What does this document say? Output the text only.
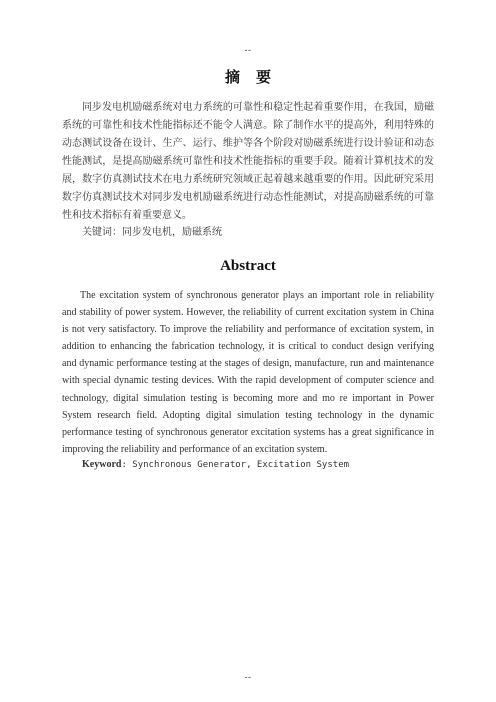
--
摘要

同步发电机励磁系统对电力系统的可靠性和稳定性起着重要作用，在我国，励磁系统的可靠性和技术性能指标还不能令人满意。除了制作水平的提高外，利用特殊的动态测试设备在设计、生产、运行、维护等各个阶段对励磁系统进行设计验证和动态性能测试，是提高励磁系统可靠性和技术性能指标的重要手段。随着计算机技术的发展，数字仿真测试技术在电力系统研究领域正起着越来越重要的作用。因此研究采用数字仿真测试技术对同步发电机励磁系统进行动态性能测试，对提高励磁系统的可靠性和技术指标有着重要意义。

关键词：同步发电机，励磁系统
Abstract

The excitation system of synchronous generator plays an important role in reliability and stability of power system. However, the reliability of current excitation system in China is not very satisfactory. To improve the reliability and performance of excitation system, in addition to enhancing the fabrication technology, it is critical to conduct design verifying and dynamic performance testing at the stages of design, manufacture, run and maintenance with special dynamic testing devices. With the rapid development of computer science and technology, digital simulation testing is becoming more and mo re important in Power System research field. Adopting digital simulation testing technology in the dynamic performance testing of synchronous generator excitation systems has a great significance in improving the reliability and performance of an excitation system.

Keyword: Synchronous Generator, Excitation System
--
